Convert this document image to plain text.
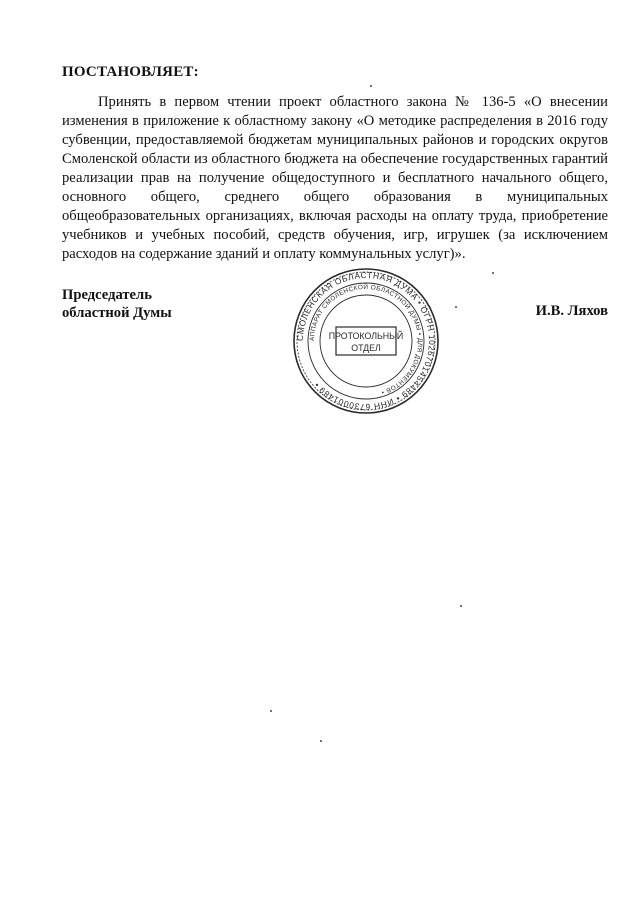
ПОСТАНОВЛЯЕТ:

Принять в первом чтении проект областного закона № 136-5 «О внесении изменения в приложение к областному закону «О методике распределения в 2016 году субвенции, предоставляемой бюджетам муниципальных районов и городских округов Смоленской области из областного бюджета на обеспечение государственных гарантий реализации прав на получение общедоступного и бесплатного начального общего, основного общего, среднего общего образования в муниципальных общеобразовательных организациях, включая расходы на оплату труда, приобретение учебников и учебных пособий, средств обучения, игр, игрушек (за исключением расходов на содержание зданий и оплату коммунальных услуг)».

Председатель
областной Думы
СМОЛЕНСКАЯ ОБЛАСТНАЯ ДУМА • ОГРН 1026701454489 • ИНН 6730001489 •
АППАРАТ СМОЛЕНСКОЙ ОБЛАСТНОЙ ДУМЫ • ДЛЯ ДОКУМЕНТОВ •
ПРОТОКОЛЬНЫЙ
ОТДЕЛ
И.В. Ляхов
